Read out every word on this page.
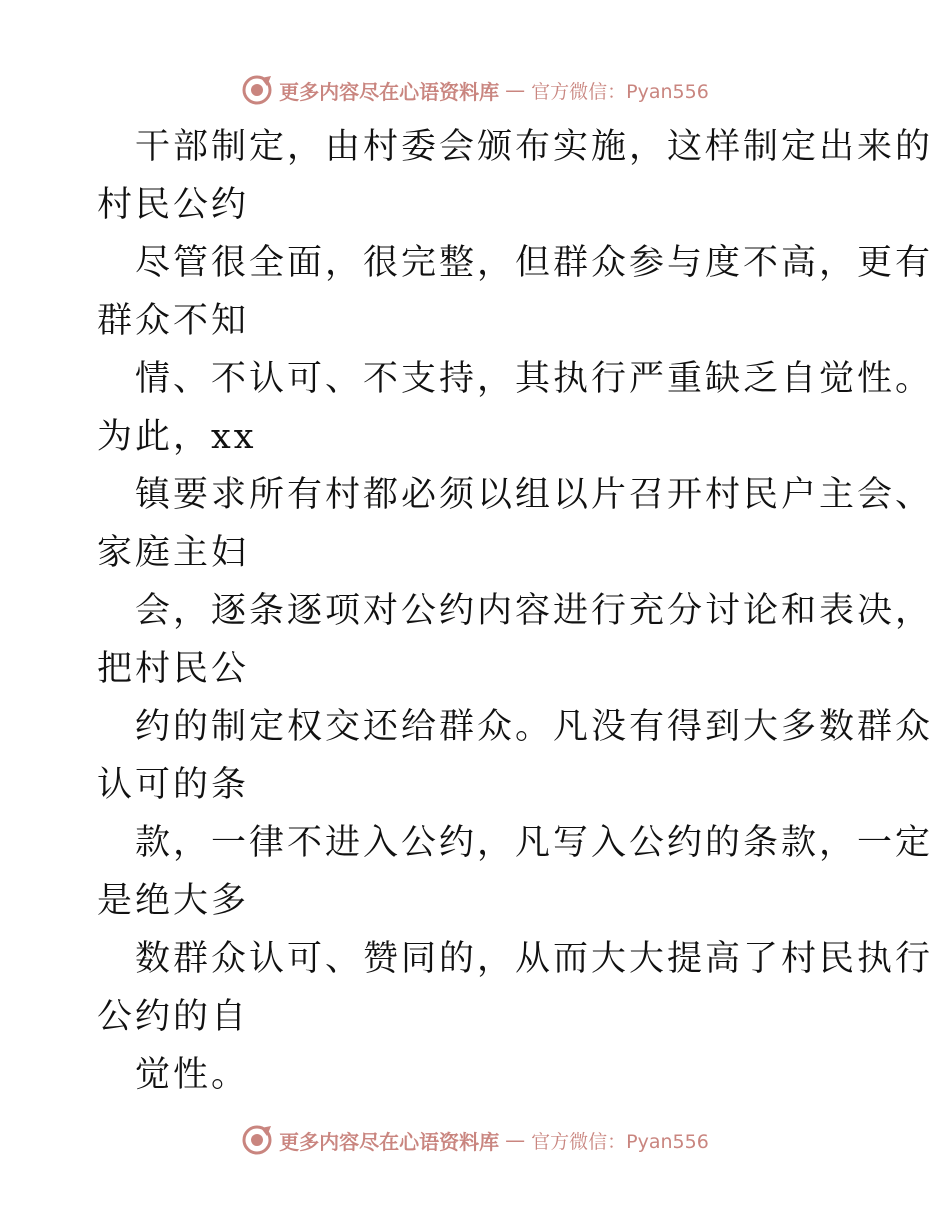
更多内容尽在心语资料库 — 官方微信：Pyan556
干部制定，由村委会颁布实施，这样制定出来的
村民公约
尽管很全面，很完整，但群众参与度不高，更有
群众不知
情、不认可、不支持，其执行严重缺乏自觉性。
为此，xx
镇要求所有村都必须以组以片召开村民户主会、
家庭主妇
会，逐条逐项对公约内容进行充分讨论和表决，
把村民公
约的制定权交还给群众。凡没有得到大多数群众
认可的条
款，一律不进入公约，凡写入公约的条款，一定
是绝大多
数群众认可、赞同的，从而大大提高了村民执行
公约的自
觉性。
更多内容尽在心语资料库 — 官方微信：Pyan556
